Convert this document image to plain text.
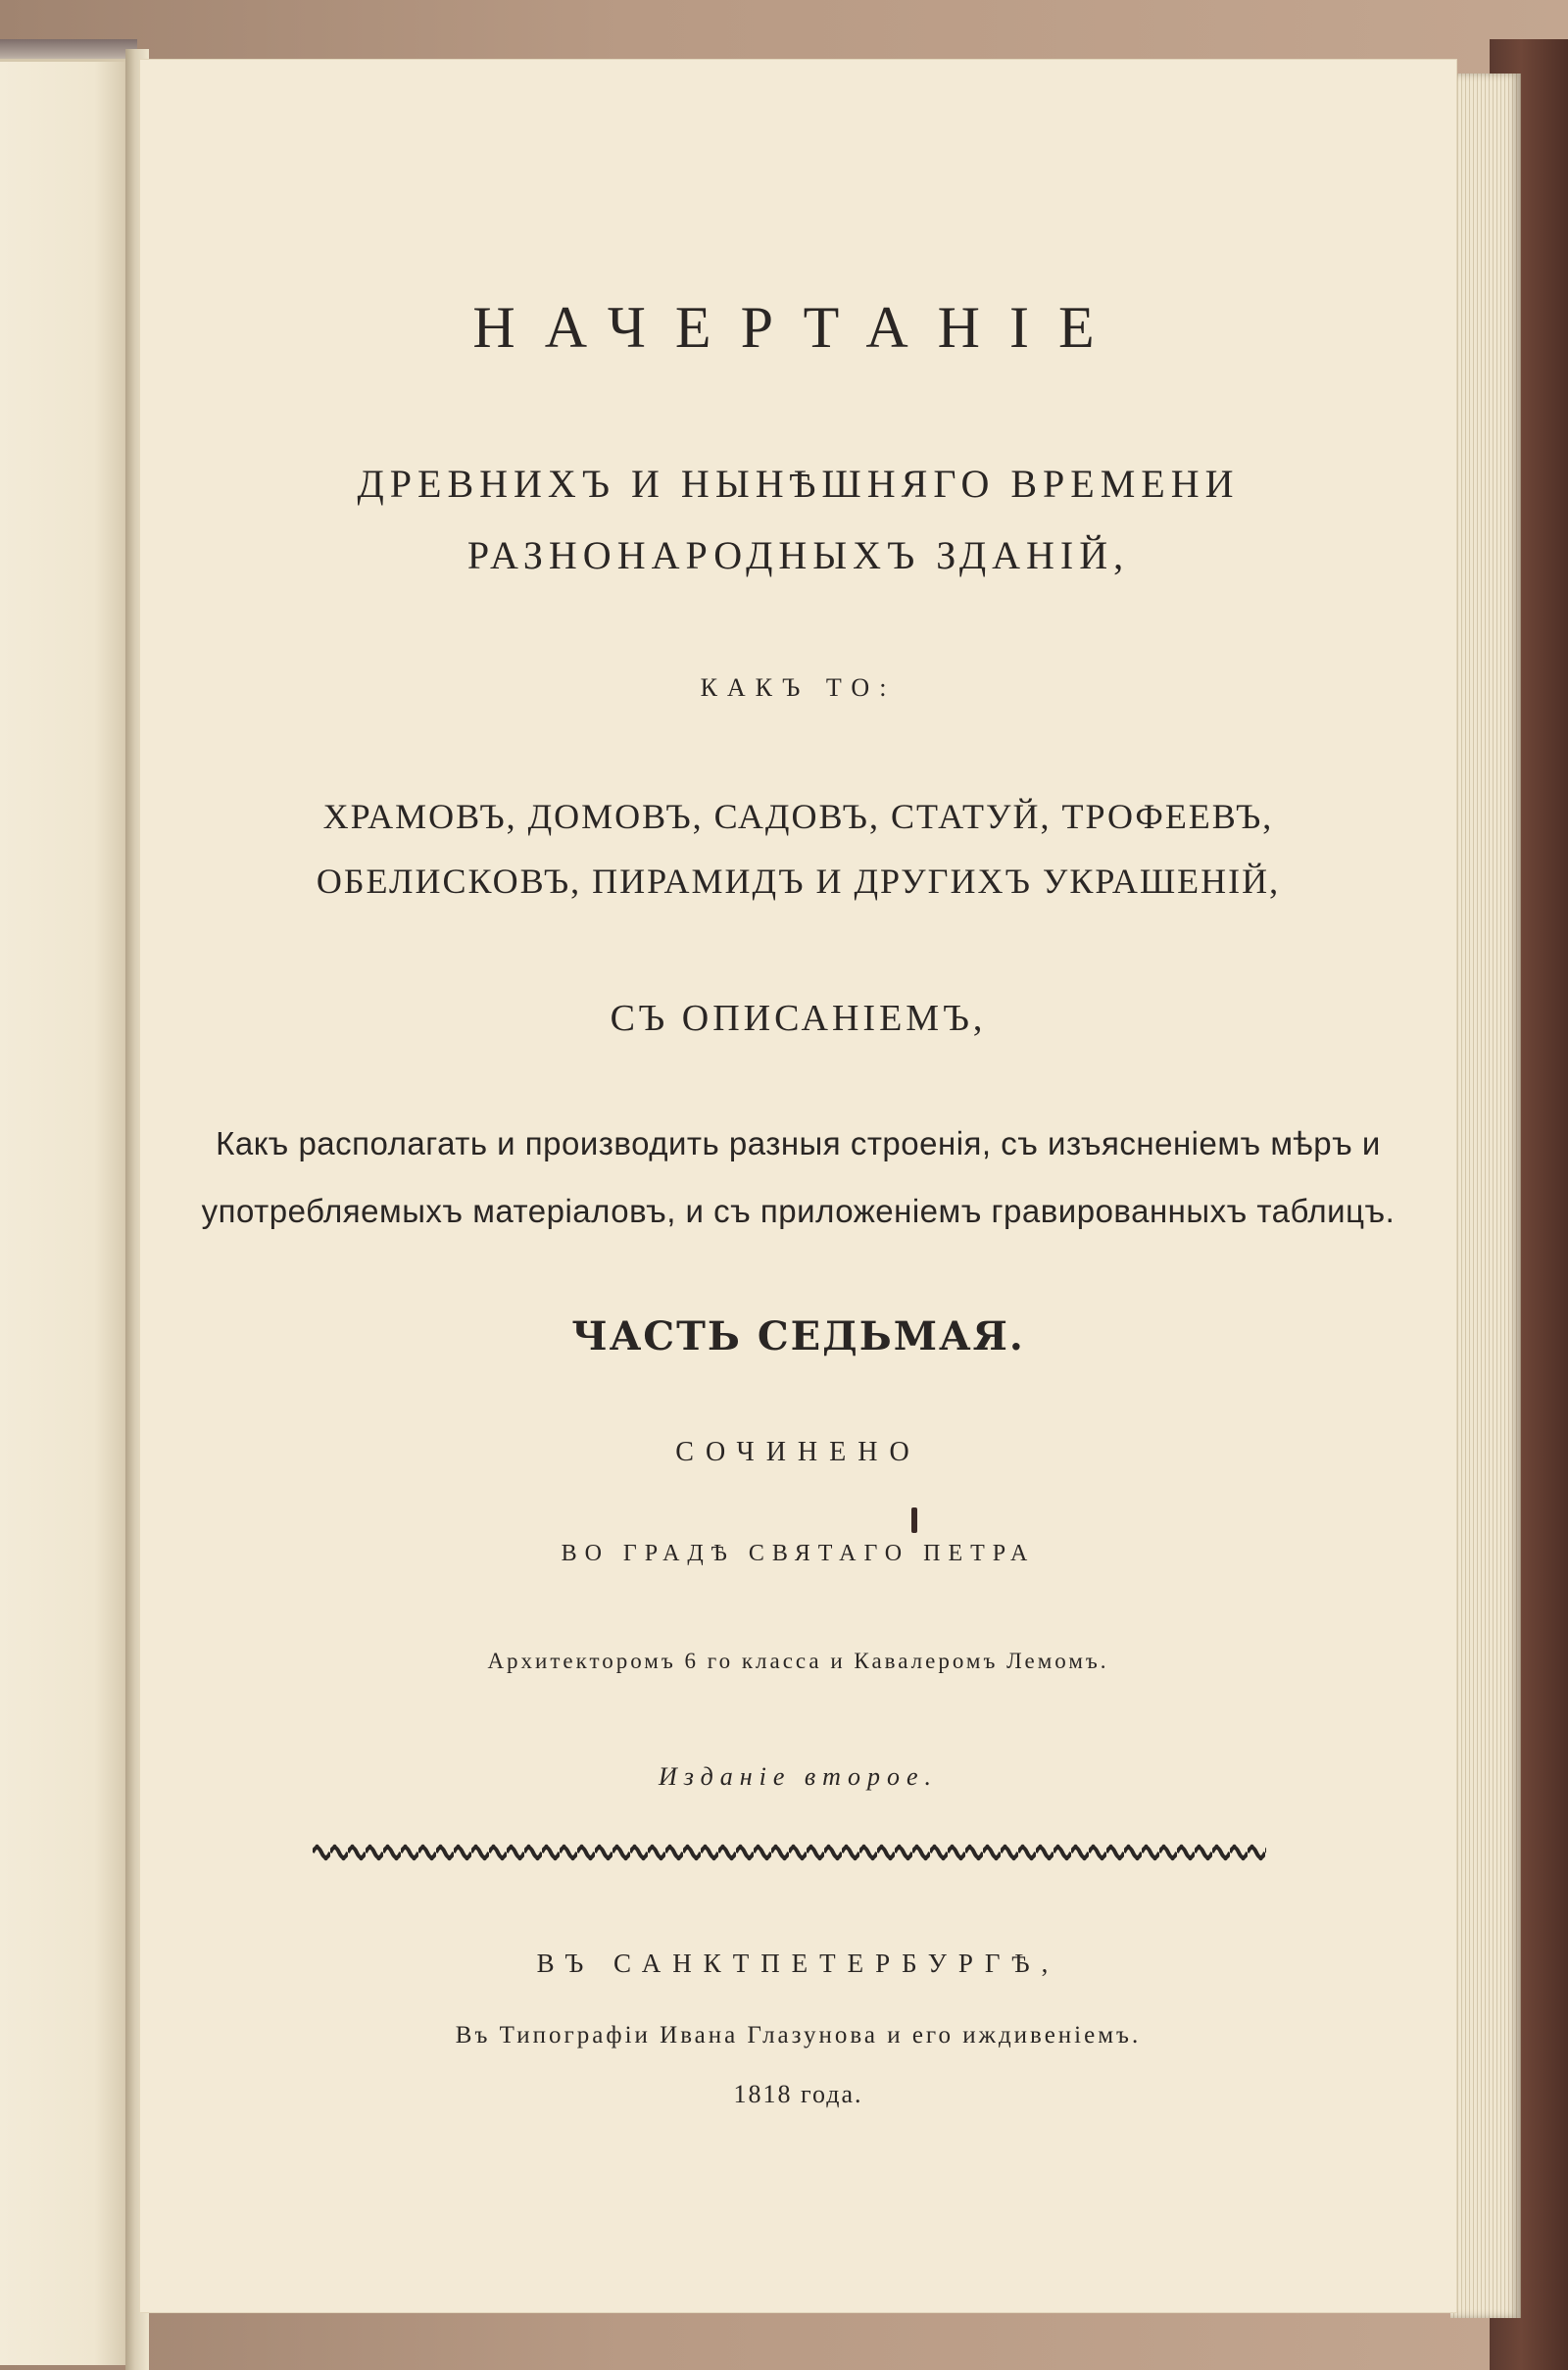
НАЧЕРТАНІЕ
ДРЕВНИХЪ И НЫНѢШНЯГО ВРЕМЕНИ
РАЗНОНАРОДНЫХЪ ЗДАНІЙ,
КАКЪ ТО:
ХРАМОВЪ, ДОМОВЪ, САДОВЪ, СТАТУЙ, ТРОФЕЕВЪ,
ОБЕЛИСКОВЪ, ПИРАМИДЪ И ДРУГИХЪ УКРАШЕНІЙ,
СЪ ОПИСАНІЕМЪ,
Какъ располагать и производить разныя строенія, съ изъясненіемъ мѣръ и
употребляемыхъ матеріаловъ, и съ приложеніемъ гравированныхъ таблицъ.
ЧАСТЬ СЕДЬМАЯ.
СОЧИНЕНО
ВО ГРАДѢ СВЯТАГО ПЕТРА
Архитекторомъ 6 го класса и Кавалеромъ Лемомъ.
Изданіе второе.
ВЪ САНКТПЕТЕРБУРГѢ,
Въ Типографіи Ивана Глазунова и его иждивеніемъ.
1818 года.
